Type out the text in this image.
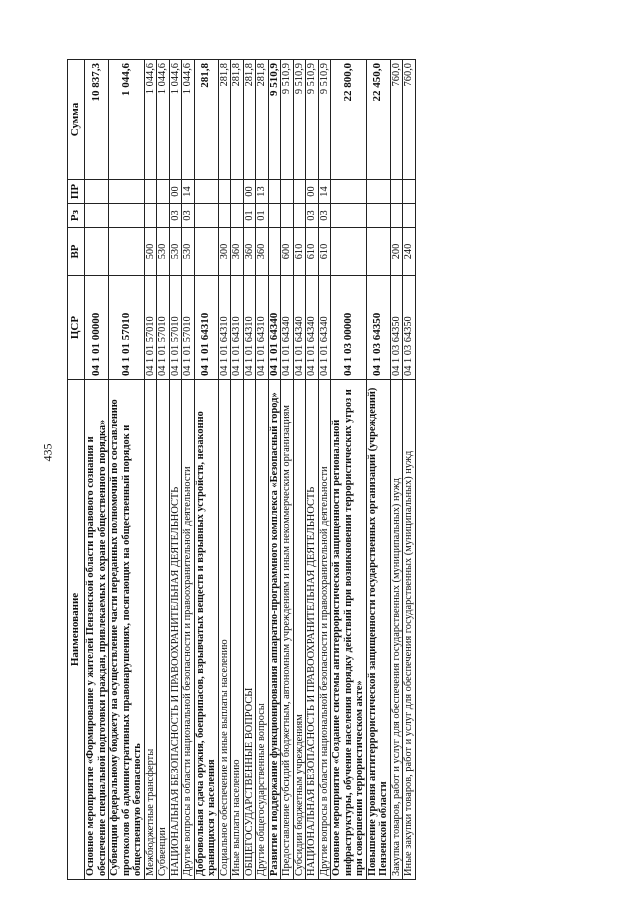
435
Наименование	ЦСР	ВР	Рз	ПР	Сумма
Основное мероприятие «Формирование у жителей Пензенской области правового сознания и обеспечение специальной подготовки граждан, привлекаемых к охране общественного порядка»	04 1 01 00000				10 837,3
Субвенции федеральному бюджету на осуществление части переданных полномочий по составлению протоколов об административных правонарушениях, посягающих на общественный порядок и общественную безопасность	04 1 01 57010				1 044,6
Межбюджетные трансферты	04 1 01 57010	500			1 044,6
Субвенции	04 1 01 57010	530			1 044,6
НАЦИОНАЛЬНАЯ БЕЗОПАСНОСТЬ И ПРАВООХРАНИТЕЛЬНАЯ ДЕЯТЕЛЬНОСТЬ	04 1 01 57010	530	03	00	1 044,6
Другие вопросы в области национальной безопасности и правоохранительной деятельности	04 1 01 57010	530	03	14	1 044,6
Добровольная сдача оружия, боеприпасов, взрывчатых веществ и взрывных устройств, незаконно хранящихся у населения	04 1 01 64310				281,8
Социальное обеспечение и иные выплаты населению	04 1 01 64310	300			281,8
Иные выплаты населению	04 1 01 64310	360			281,8
ОБЩЕГОСУДАРСТВЕННЫЕ ВОПРОСЫ	04 1 01 64310	360	01	00	281,8
Другие общегосударственные вопросы	04 1 01 64310	360	01	13	281,8
Развитие и поддержание функционирования аппаратно-программного комплекса «Безопасный город»	04 1 01 64340				9 510,9
Предоставление субсидий бюджетным, автономным учреждениям и иным некоммерческим организациям	04 1 01 64340	600			9 510,9
Субсидии бюджетным учреждениям	04 1 01 64340	610			9 510,9
НАЦИОНАЛЬНАЯ БЕЗОПАСНОСТЬ И ПРАВООХРАНИТЕЛЬНАЯ ДЕЯТЕЛЬНОСТЬ	04 1 01 64340	610	03	00	9 510,9
Другие вопросы в области национальной безопасности и правоохранительной деятельности	04 1 01 64340	610	03	14	9 510,9
Основное мероприятие «Создание системы антитеррористической защищенности региональной инфраструктуры, обучение населения порядку действий при возникновении террористических угроз и при совершении террористическом акте»	04 1 03 00000				22 800,0
Повышение уровня антитеррористической защищенности государственных организаций (учреждений) Пензенской области	04 1 03 64350				22 450,0
Закупка товаров, работ и услуг для обеспечения государственных (муниципальных) нужд	04 1 03 64350	200			760,0
Иные закупки товаров, работ и услуг для обеспечения государственных (муниципальных) нужд	04 1 03 64350	240			760,0
